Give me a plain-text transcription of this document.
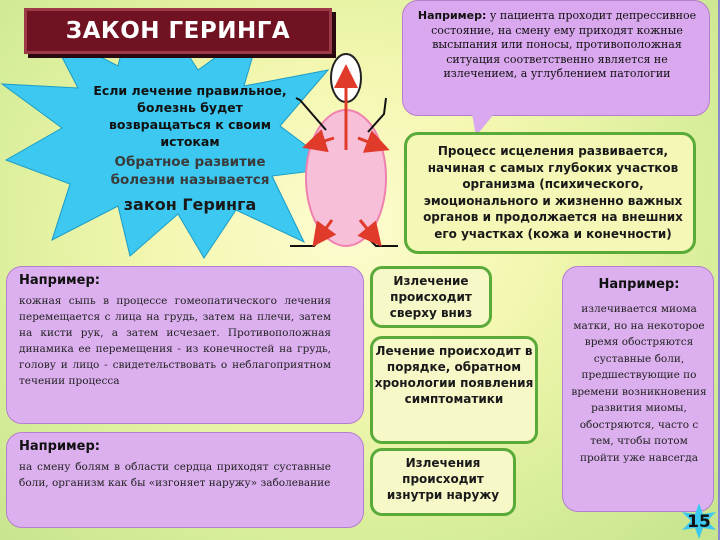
ЗАКОН ГЕРИНГА
Если лечение правильное, болезнь будет возвращаться к своим истокам
Обратное развитие болезни называется
закон Геринга
Например: у пациента проходит депрессивное состояние, на смену ему приходят кожные высыпания или поносы, противоположная ситуация соответственно является не излечением, а углублением патологии
Процесс исцеления развивается, начиная с самых глубоких участков организма (психического, эмоционального и жизненно важных органов и продолжается на внешних его участках (кожа и конечности)
Например:
кожная сыпь в процессе гомеопатического лечения перемещается с лица на грудь, затем на плечи, затем на кисти рук, а затем исчезает. Противоположная динамика ее перемещения - из конечностей на грудь, голову и лицо - свидетельствовать о неблагоприятном течении процесса
Например:
на смену болям в области сердца приходят суставные боли, организм как бы «изгоняет наружу» заболевание
Излечение происходит сверху вниз
Лечение происходит в порядке, обратном хронологии появления симптоматики
Излечения происходит изнутри наружу
Например:
излечивается миома матки, но на некоторое время обостряются суставные боли, предшествующие по времени возникновения развития миомы, обостряются, часто с тем, чтобы потом пройти уже навсегда
15
